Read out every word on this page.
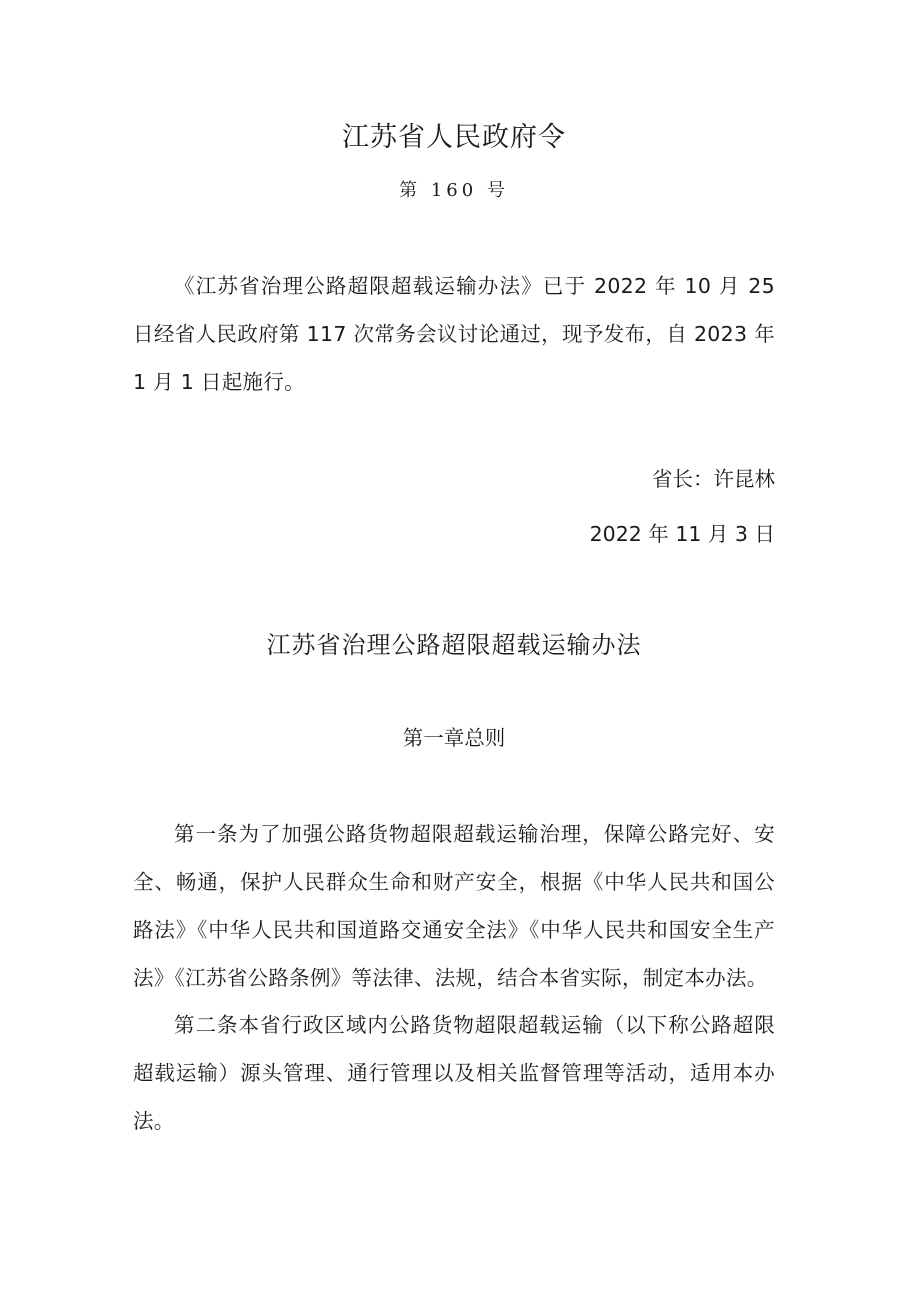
江苏省人民政府令
第 160 号

《江苏省治理公路超限超载运输办法》已于 2022 年 10 月 25 日经省人民政府第 117 次常务会议讨论通过，现予发布，自 2023 年 1 月 1 日起施行。

省长：许昆林
2022 年 11 月 3 日
江苏省治理公路超限超载运输办法
第一章总则

第一条为了加强公路货物超限超载运输治理，保障公路完好、安全、畅通，保护人民群众生命和财产安全，根据《中华人民共和国公路法》《中华人民共和国道路交通安全法》《中华人民共和国安全生产法》《江苏省公路条例》等法律、法规，结合本省实际，制定本办法。

第二条本省行政区域内公路货物超限超载运输（以下称公路超限超载运输）源头管理、通行管理以及相关监督管理等活动，适用本办法。
